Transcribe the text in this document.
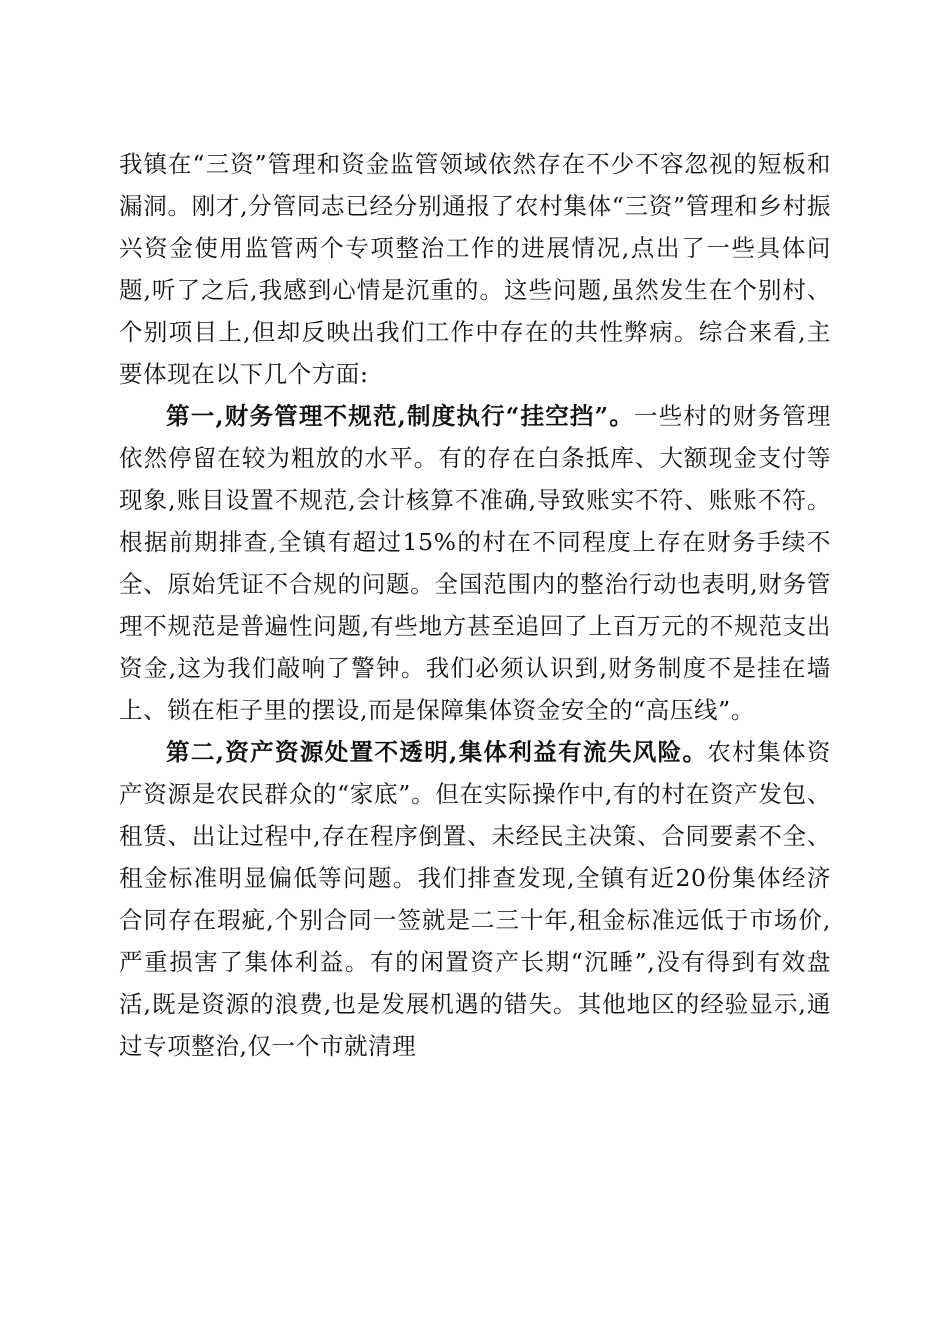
我镇在“三资”管理和资金监管领域依然存在不少不容忽视的短板和漏洞。刚才,分管同志已经分别通报了农村集体“三资”管理和乡村振兴资金使用监管两个专项整治工作的进展情况,点出了一些具体问题,听了之后,我感到心情是沉重的。这些问题,虽然发生在个别村、个别项目上,但却反映出我们工作中存在的共性弊病。综合来看,主要体现在以下几个方面:

第一,财务管理不规范,制度执行“挂空挡”。一些村的财务管理依然停留在较为粗放的水平。有的存在白条抵库、大额现金支付等现象,账目设置不规范,会计核算不准确,导致账实不符、账账不符。根据前期排查,全镇有超过15%的村在不同程度上存在财务手续不全、原始凭证不合规的问题。全国范围内的整治行动也表明,财务管理不规范是普遍性问题,有些地方甚至追回了上百万元的不规范支出资金,这为我们敲响了警钟。我们必须认识到,财务制度不是挂在墙上、锁在柜子里的摆设,而是保障集体资金安全的“高压线”。

第二,资产资源处置不透明,集体利益有流失风险。农村集体资产资源是农民群众的“家底”。但在实际操作中,有的村在资产发包、租赁、出让过程中,存在程序倒置、未经民主决策、合同要素不全、租金标准明显偏低等问题。我们排查发现,全镇有近20份集体经济合同存在瑕疵,个别合同一签就是二三十年,租金标准远低于市场价,严重损害了集体利益。有的闲置资产长期“沉睡”,没有得到有效盘活,既是资源的浪费,也是发展机遇的错失。其他地区的经验显示,通过专项整治,仅一个市就清理
